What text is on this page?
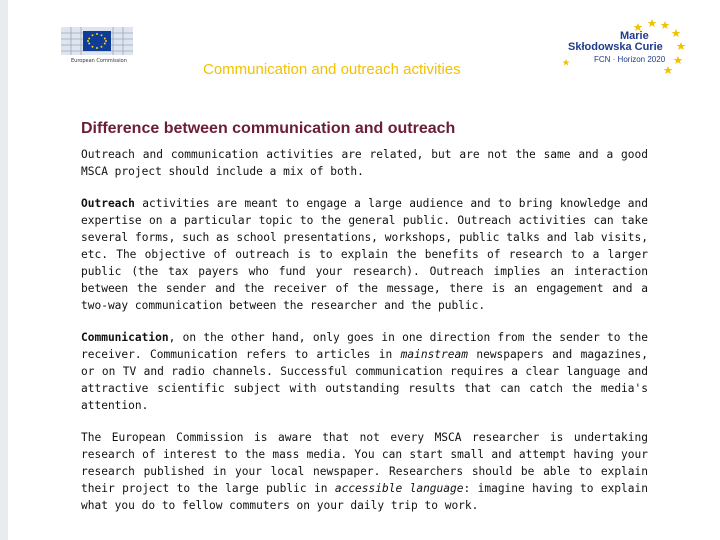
European Commission	Communication and outreach activities
Marie
Skłodowska Curie
FCN · Horizon 2020
Difference between communication and outreach

Outreach and communication activities are related, but are not the same and a good MSCA project should include a mix of both.

Outreach activities are meant to engage a large audience and to bring knowledge and expertise on a particular topic to the general public. Outreach activities can take several forms, such as school presentations, workshops, public talks and lab visits, etc. The objective of outreach is to explain the benefits of research to a larger public (the tax payers who fund your research). Outreach implies an interaction between the sender and the receiver of the message, there is an engagement and a two-way communication between the researcher and the public.

Communication, on the other hand, only goes in one direction from the sender to the receiver. Communication refers to articles in mainstream newspapers and magazines, or on TV and radio channels. Successful communication requires a clear language and attractive scientific subject with outstanding results that can catch the media's attention.

The European Commission is aware that not every MSCA researcher is undertaking research of interest to the mass media. You can start small and attempt having your research published in your local newspaper. Researchers should be able to explain their project to the large public in accessible language: imagine having to explain what you do to fellow commuters on your daily trip to work.
